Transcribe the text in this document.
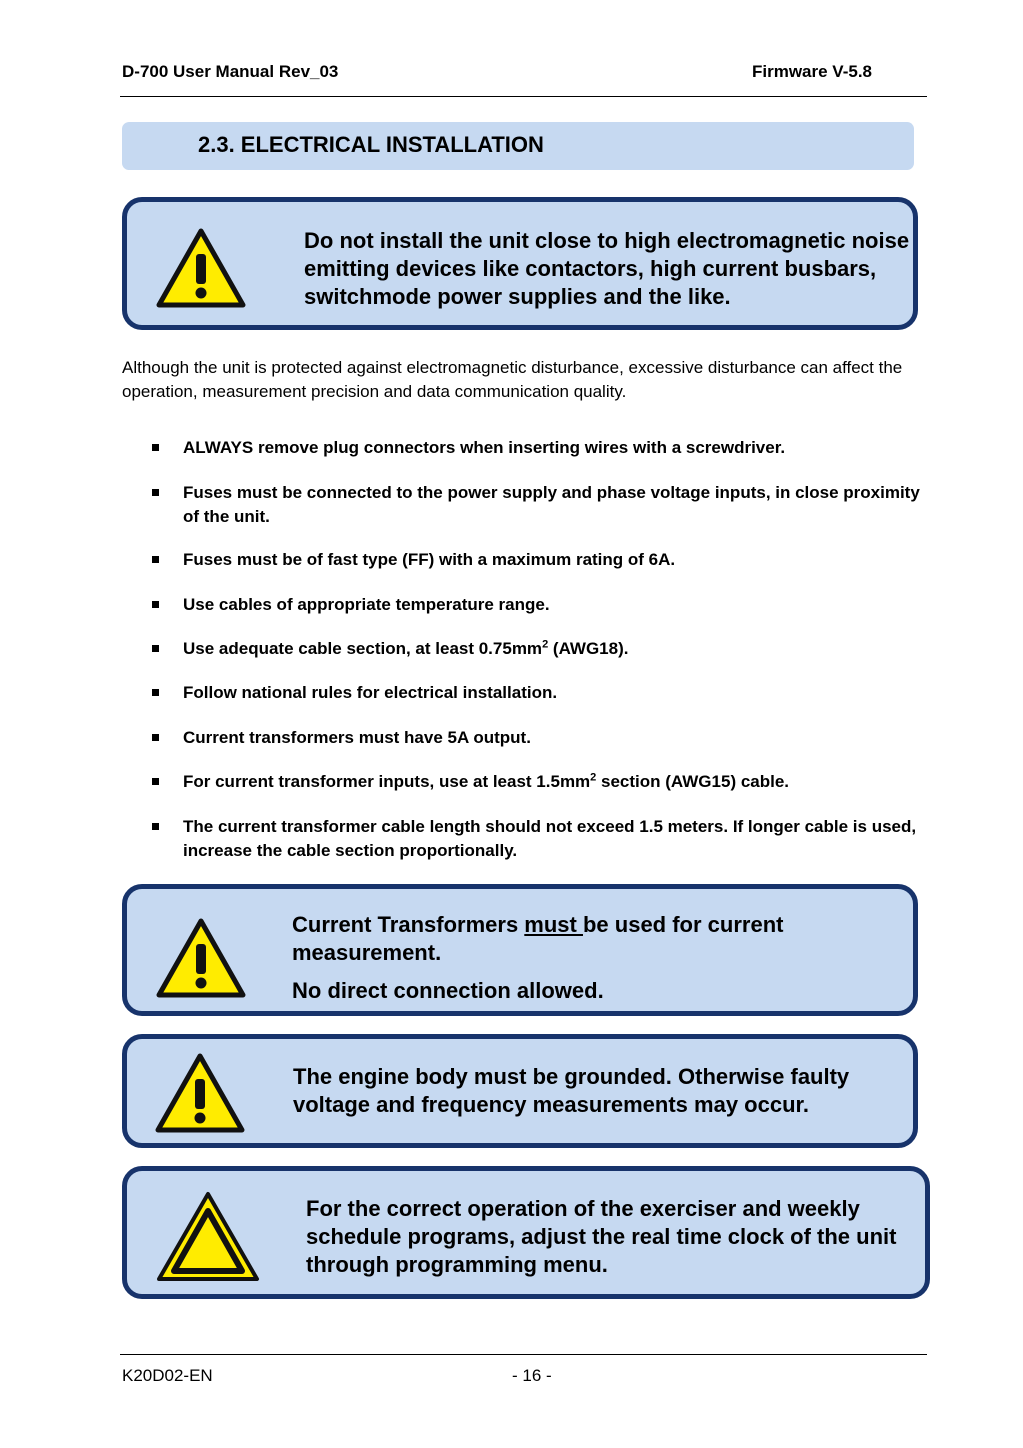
D-700 User Manual Rev_03	Firmware V-5.8
2.3. ELECTRICAL INSTALLATION

Do not install the unit close to high electromagnetic noise emitting devices like contactors, high current busbars, switchmode power supplies and the like.

Although the unit is protected against electromagnetic disturbance, excessive disturbance can affect the operation, measurement precision and data communication quality.

ALWAYS remove plug connectors when inserting wires with a screwdriver.
Fuses must be connected to the power supply and phase voltage inputs, in close proximity of the unit.
Fuses must be of fast type (FF) with a maximum rating of 6A.
Use cables of appropriate temperature range.
Use adequate cable section, at least $0.75mm^2$ (AWG18).
Follow national rules for electrical installation.
Current transformers must have 5A output.
For current transformer inputs, use at least $1.5mm^2$ section (AWG15) cable.
The current transformer cable length should not exceed 1.5 meters. If longer cable is used, increase the cable section proportionally.

Current Transformers must be used for current measurement.

No direct connection allowed.

The engine body must be grounded. Otherwise faulty voltage and frequency measurements may occur.

For the correct operation of the exerciser and weekly schedule programs, adjust the real time clock of the unit through programming menu.

K20D02-EN	- 16 -
